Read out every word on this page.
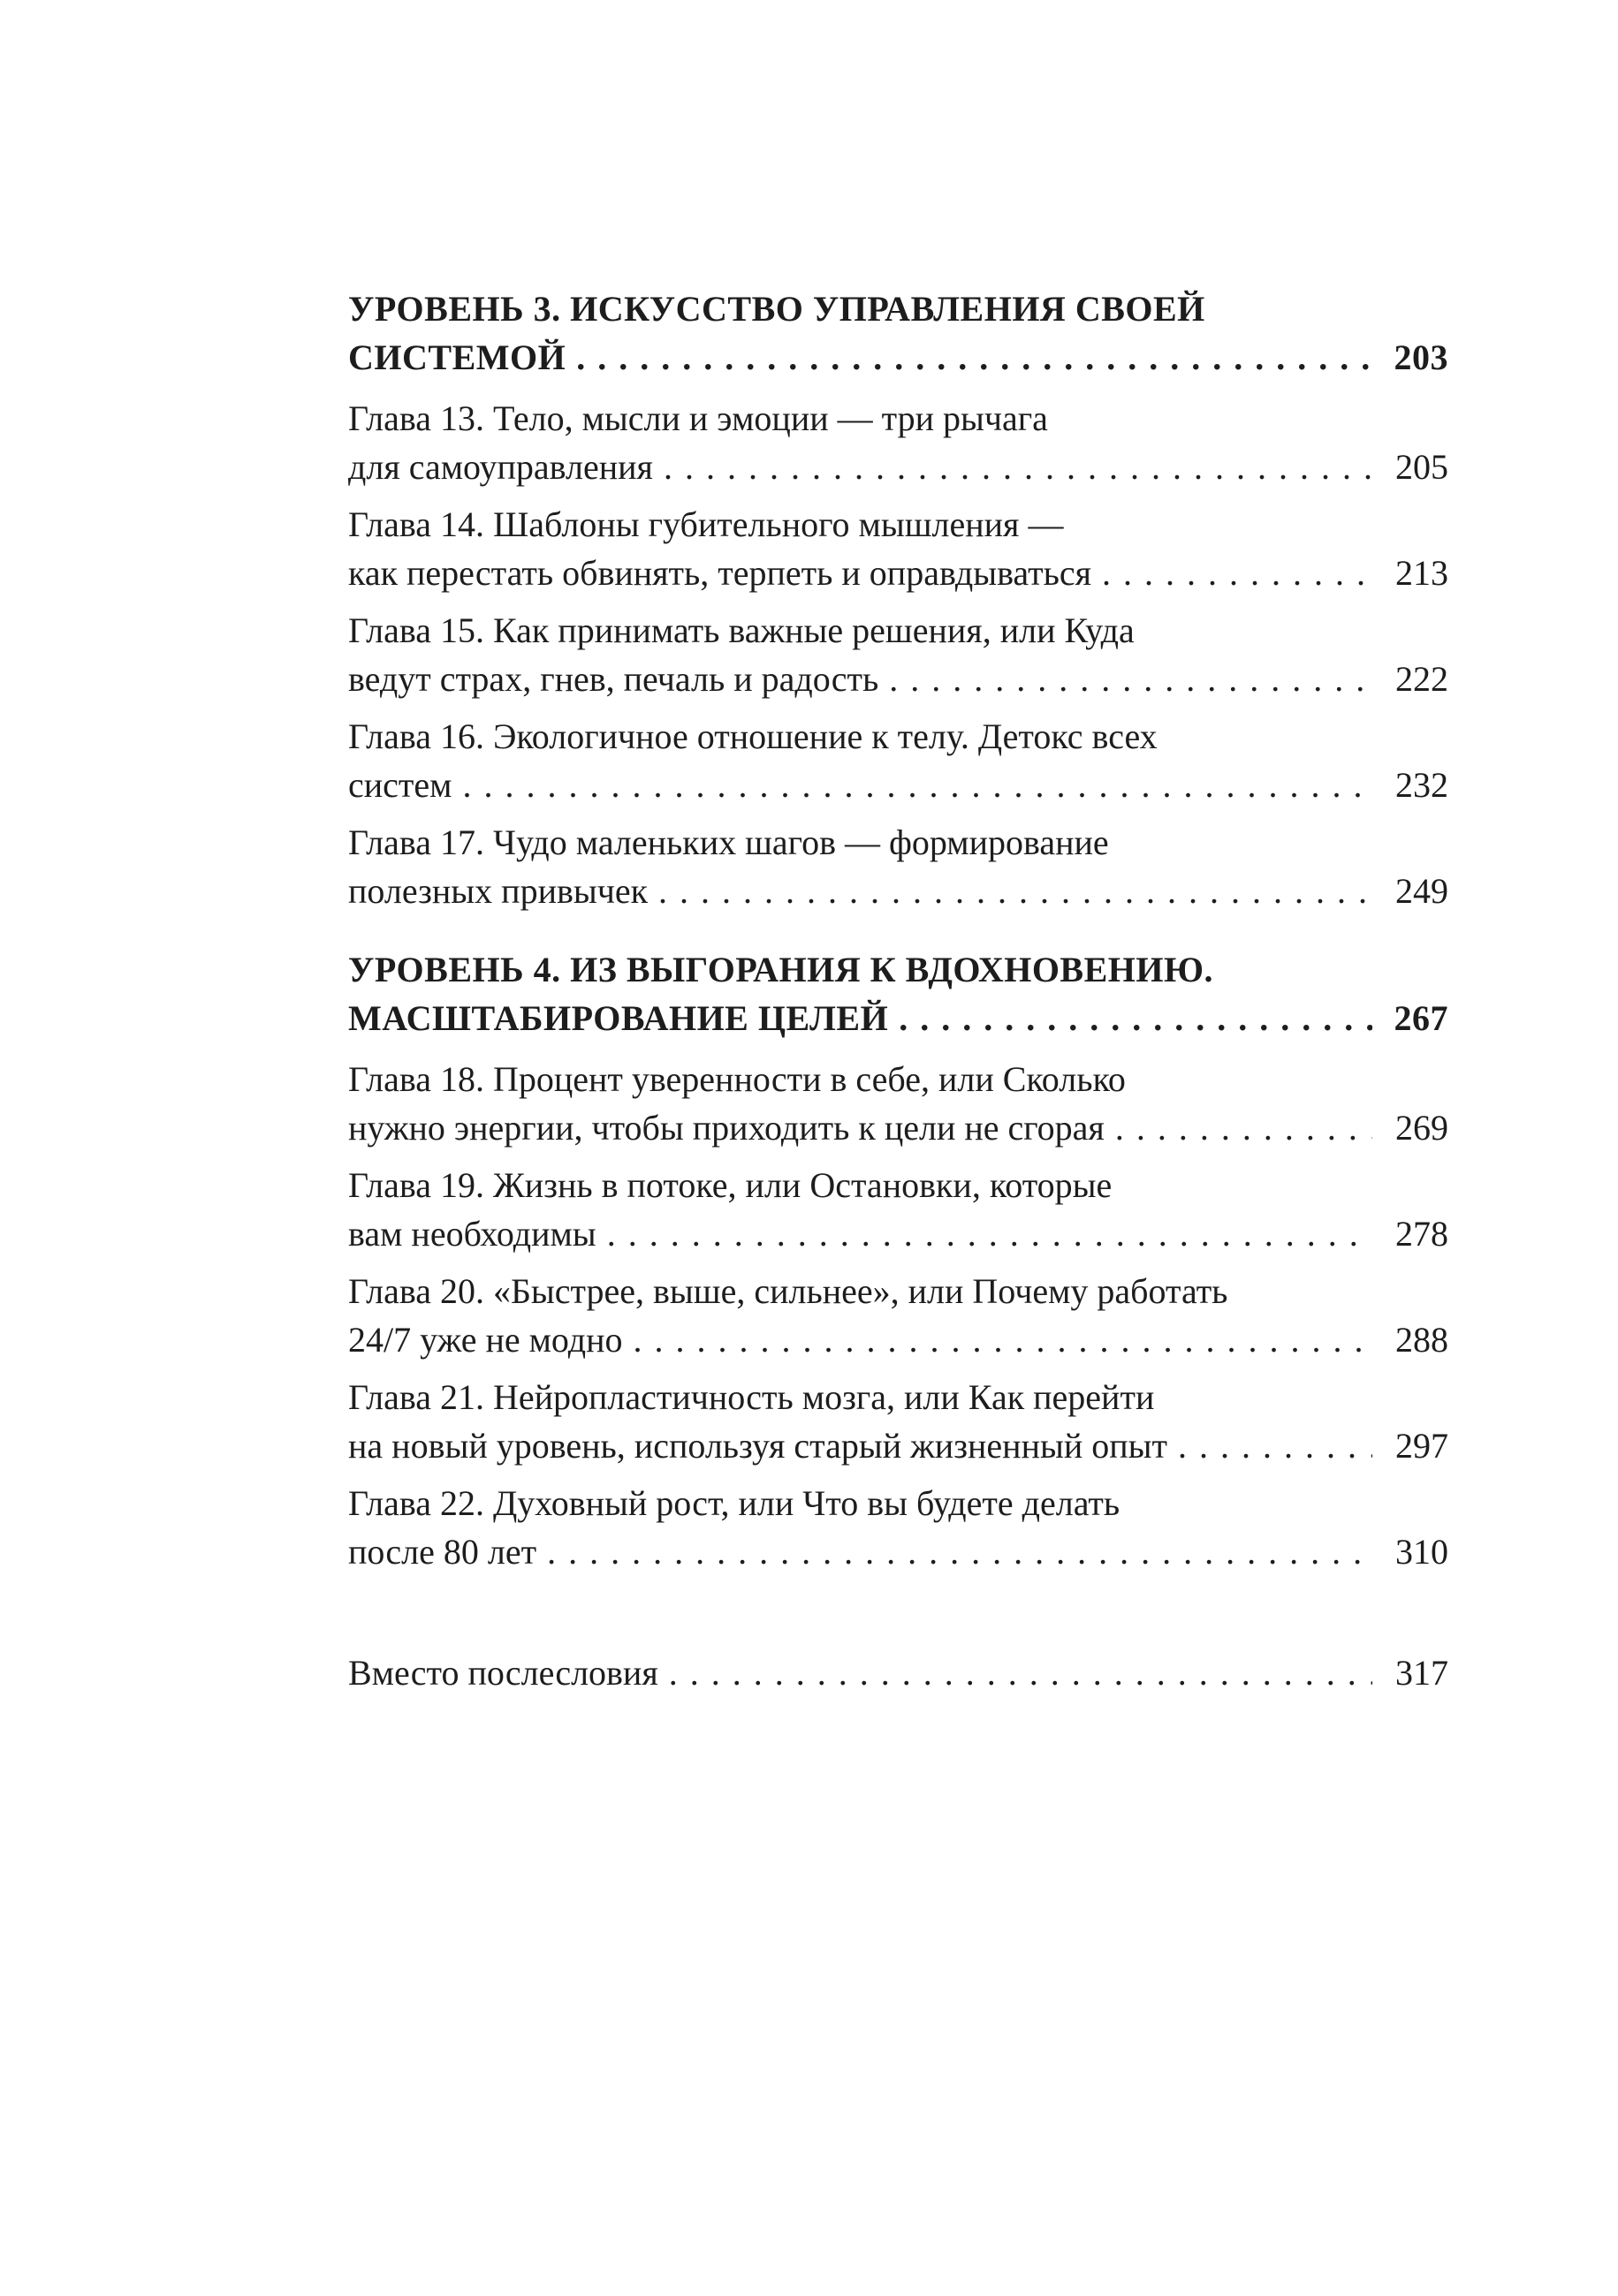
УРОВЕНЬ 3. ИСКУССТВО УПРАВЛЕНИЯ СВОЕЙ
СИСТЕМОЙ . . .	203
Глава 13. Тело, мысли и эмоции — три рычага
для самоуправления . . .	205
Глава 14. Шаблоны губительного мышления —
как перестать обвинять, терпеть и оправдываться . . .	213
Глава 15. Как принимать важные решения, или Куда
ведут страх, гнев, печаль и радость . . .	222
Глава 16. Экологичное отношение к телу. Детокс всех
систем . . .	232
Глава 17. Чудо маленьких шагов — формирование
полезных привычек . . .	249
УРОВЕНЬ 4. ИЗ ВЫГОРАНИЯ К ВДОХНОВЕНИЮ.
МАСШТАБИРОВАНИЕ ЦЕЛЕЙ . . .	267
Глава 18. Процент уверенности в себе, или Сколько
нужно энергии, чтобы приходить к цели не сгорая . . .	269
Глава 19. Жизнь в потоке, или Остановки, которые
вам необходимы . . .	278
Глава 20. «Быстрее, выше, сильнее», или Почему работать
24/7 уже не модно . . .	288
Глава 21. Нейропластичность мозга, или Как перейти
на новый уровень, используя старый жизненный опыт . . .	297
Глава 22. Духовный рост, или Что вы будете делать
после 80 лет . . .	310
Вместо послесловия . . .	317
